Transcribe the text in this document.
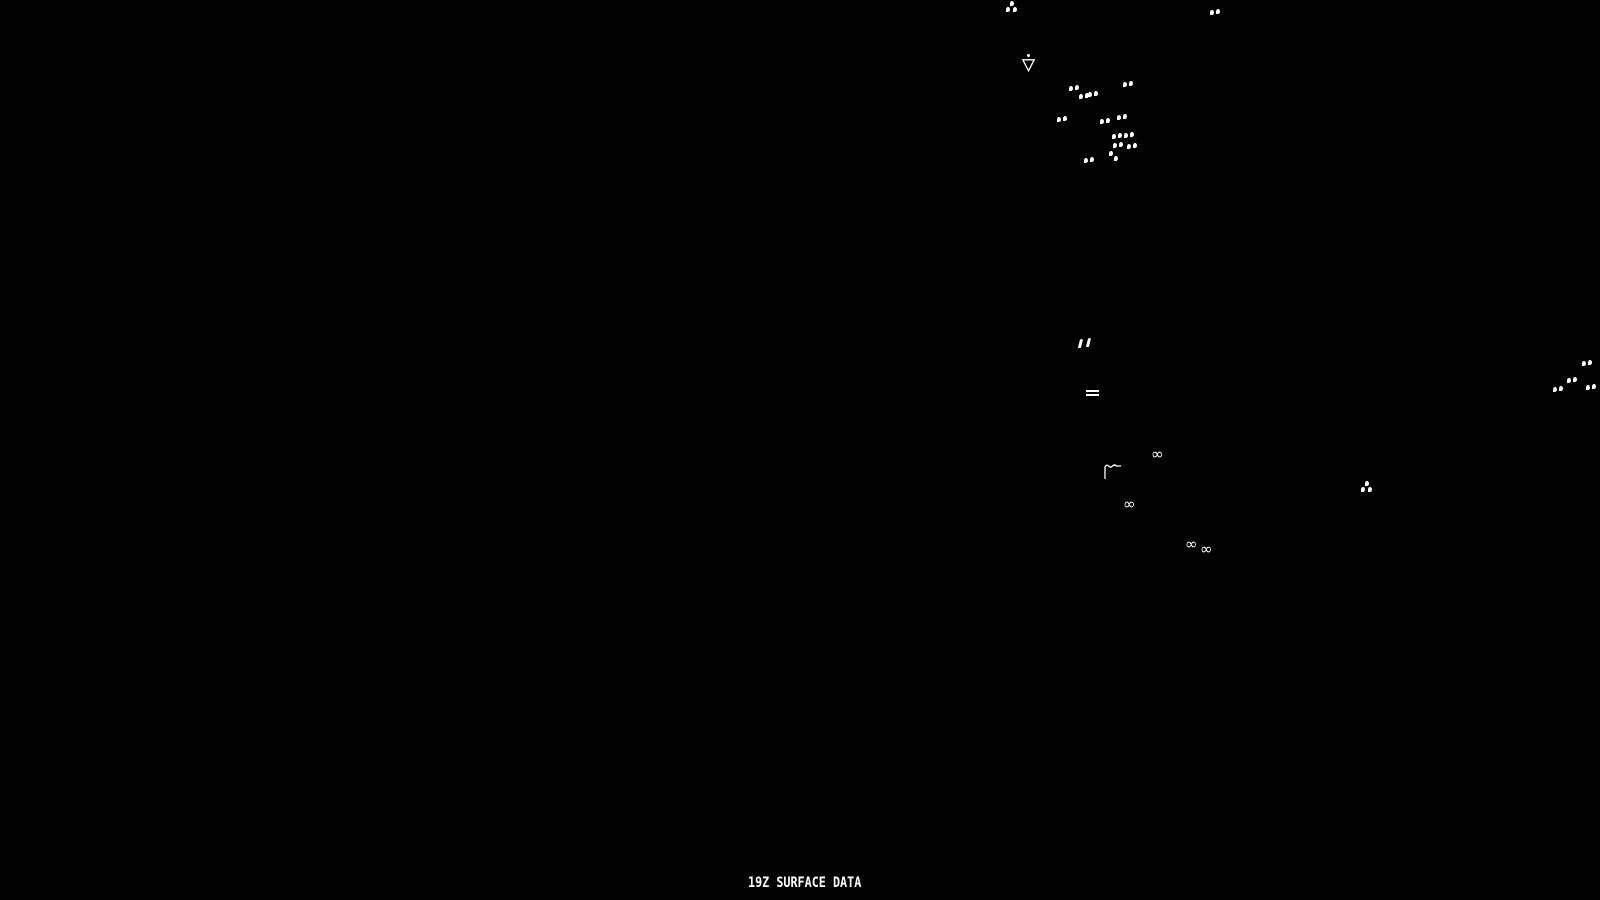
∞
∞
∞ ∞
19Z SURFACE DATA
